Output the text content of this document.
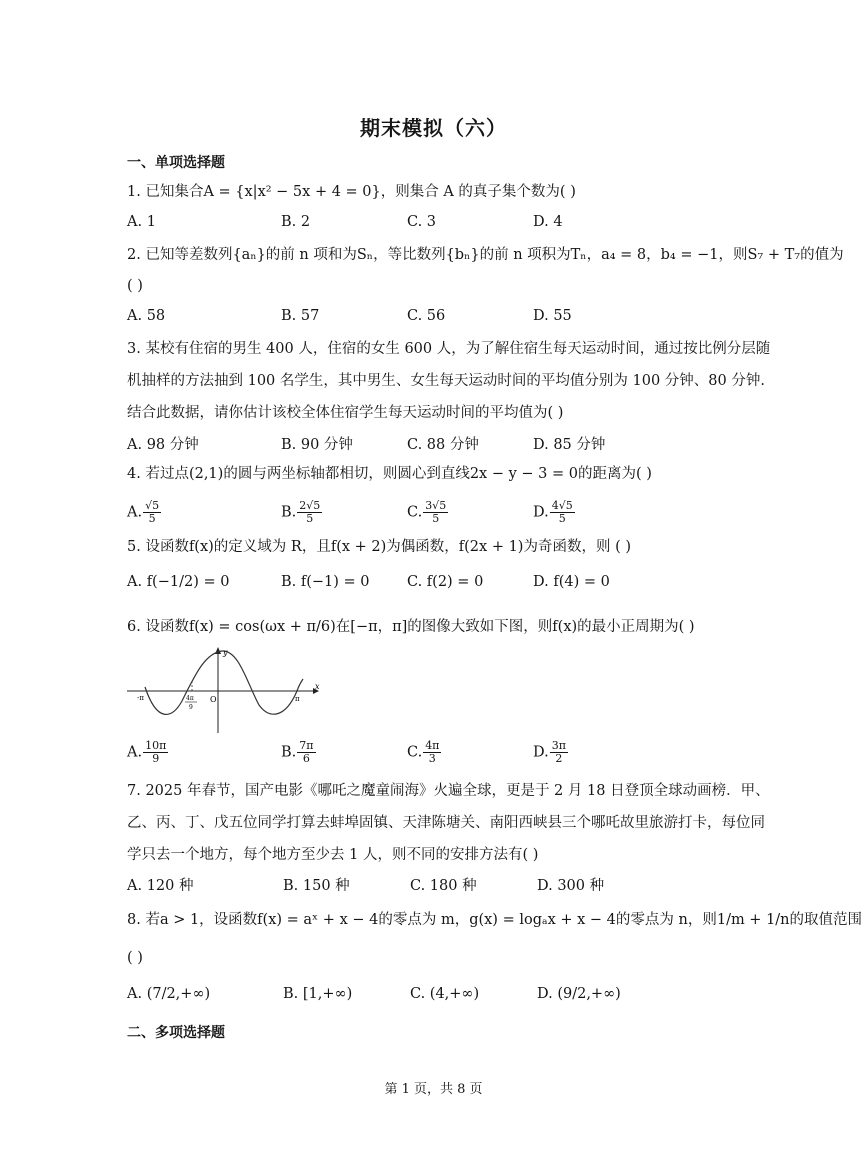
期末模拟（六）
一、单项选择题
1. 已知集合A = {x|x² − 5x + 4 = 0}，则集合 A 的真子集个数为( )
A. 1	B. 2	C. 3	D. 4
2. 已知等差数列{aₙ}的前 n 项和为Sₙ，等比数列{bₙ}的前 n 项积为Tₙ，a₄ = 8，b₄ = −1，则S₇ + T₇的值为
( )
A. 58	B. 57	C. 56	D. 55
3. 某校有住宿的男生 400 人，住宿的女生 600 人，为了解住宿生每天运动时间，通过按比例分层随机抽样的方法抽到 100 名学生，其中男生、女生每天运动时间的平均值分别为 100 分钟、80 分钟.结合此数据，请你估计该校全体住宿学生每天运动时间的平均值为( )
A. 98 分钟	B. 90 分钟	C. 88 分钟	D. 85 分钟
4. 若过点(2,1)的圆与两坐标轴都相切，则圆心到直线2x − y − 3 = 0的距离为( )
A. $\frac{√5}{5}$	B. $\frac{2√5}{5}$	C. $\frac{3√5}{5}$	D. $\frac{4√5}{5}$
5. 设函数f(x)的定义域为 R，且f(x + 2)为偶函数，f(2x + 1)为奇函数，则 ( )
A. f(−1/2) = 0	B. f(−1) = 0	C. f(2) = 0	D. f(4) = 0
6. 设函数f(x) = cos(ωx + π/6)在[−π，π]的图像大致如下图，则f(x)的最小正周期为( )
y
x
O
-π	π
4π
9
A. $\frac{10\pi}{9}$	B. $\frac{7\pi}{6}$	C. $\frac{4\pi}{3}$	D. $\frac{3\pi}{2}$
7. 2025 年春节，国产电影《哪吒之魔童闹海》火遍全球，更是于 2 月 18 日登顶全球动画榜．甲、乙、丙、丁、戊五位同学打算去蚌埠固镇、天津陈塘关、南阳西峡县三个哪吒故里旅游打卡，每位同学只去一个地方，每个地方至少去 1 人，则不同的安排方法有( )
A. 120 种	B. 150 种	C. 180 种	D. 300 种
8. 若a > 1，设函数f(x) = aˣ + x − 4的零点为 m，g(x) = logₐx + x − 4的零点为 n，则1/m + 1/n的取值范围
( )
A. (7/2,+∞)	B. [1,+∞)	C. (4,+∞)	D. (9/2,+∞)
二、多项选择题
第 1 页，共 8 页
